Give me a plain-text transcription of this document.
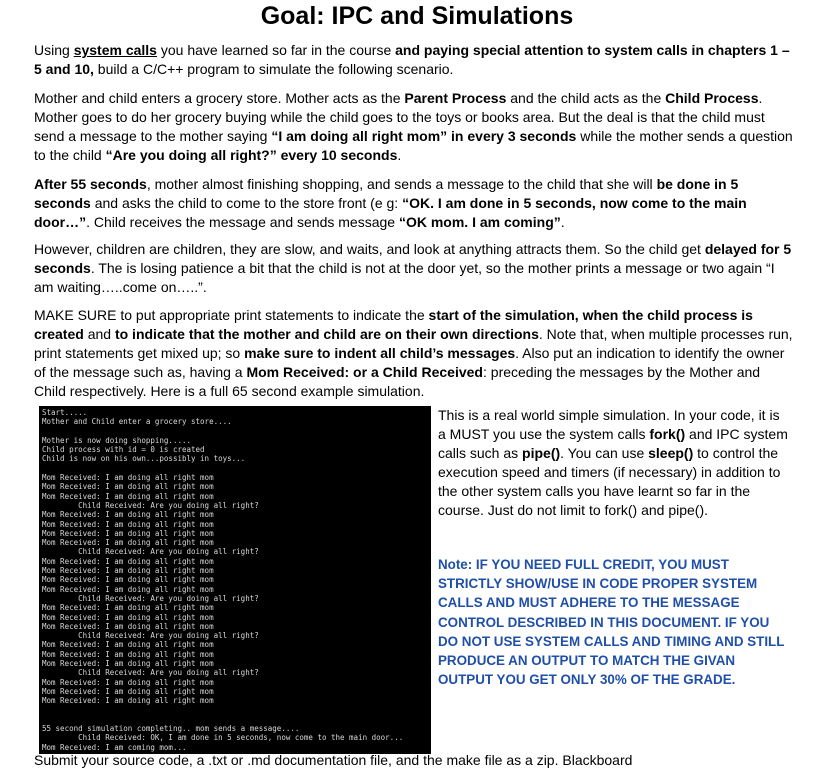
Goal: IPC and Simulations
Using system calls you have learned so far in the course and paying special attention to system calls in chapters 1 – 5 and 10, build a C/C++ program to simulate the following scenario.
Mother and child enters a grocery store. Mother acts as the Parent Process and the child acts as the Child Process. Mother goes to do her grocery buying while the child goes to the toys or books area. But the deal is that the child must send a message to the mother saying “I am doing all right mom” in every 3 seconds while the mother sends a question to the child “Are you doing all right?” every 10 seconds.
After 55 seconds, mother almost finishing shopping, and sends a message to the child that she will be done in 5 seconds and asks the child to come to the store front (e g: “OK. I am done in 5 seconds, now come to the main door…”. Child receives the message and sends message “OK mom. I am coming”.
However, children are children, they are slow, and waits, and look at anything attracts them. So the child get delayed for 5 seconds. The is losing patience a bit that the child is not at the door yet, so the mother prints a message or two again “I am waiting…..come on…..”.
MAKE SURE to put appropriate print statements to indicate the start of the simulation, when the child process is created and to indicate that the mother and child are on their own directions. Note that, when multiple processes run, print statements get mixed up; so make sure to indent all child’s messages. Also put an indication to identify the owner of the message such as, having a Mom Received: or a Child Received: preceding the messages by the Mother and Child respectively. Here is a full 65 second example simulation.
Start.....
Mother and Child enter a grocery store....
Mother is now doing shopping.....
Child process with id = 0 is created
Child is now on his own...possibly in toys...
Mom Received: I am doing all right mom
Mom Received: I am doing all right mom
Mom Received: I am doing all right mom
Child Received: Are you doing all right?
Mom Received: I am doing all right mom
Mom Received: I am doing all right mom
Mom Received: I am doing all right mom
Mom Received: I am doing all right mom
Child Received: Are you doing all right?
Mom Received: I am doing all right mom
Mom Received: I am doing all right mom
Mom Received: I am doing all right mom
Mom Received: I am doing all right mom
Child Received: Are you doing all right?
Mom Received: I am doing all right mom
Mom Received: I am doing all right mom
Mom Received: I am doing all right mom
Child Received: Are you doing all right?
Mom Received: I am doing all right mom
Mom Received: I am doing all right mom
Mom Received: I am doing all right mom
Child Received: Are you doing all right?
Mom Received: I am doing all right mom
Mom Received: I am doing all right mom
Mom Received: I am doing all right mom
55 second simulation completing.. mom sends a message....
Child Received: OK, I am done in 5 seconds, now come to the main door...
Mom Received: I am coming mom...
This is a real world simple simulation. In your code, it is a MUST you use the system calls fork() and IPC system calls such as pipe(). You can use sleep() to control the execution speed and timers (if necessary) in addition to the other system calls you have learnt so far in the course. Just do not limit to fork() and pipe().
Note: IF YOU NEED FULL CREDIT, YOU MUST STRICTLY SHOW/USE IN CODE PROPER SYSTEM CALLS AND MUST ADHERE TO THE MESSAGE CONTROL DESCRIBED IN THIS DOCUMENT. IF YOU DO NOT USE SYSTEM CALLS AND TIMING AND STILL PRODUCE AN OUTPUT TO MATCH THE GIVAN OUTPUT YOU GET ONLY 30% OF THE GRADE.
Submit your source code, a .txt or .md documentation file, and the make file as a zip. Blackboard
